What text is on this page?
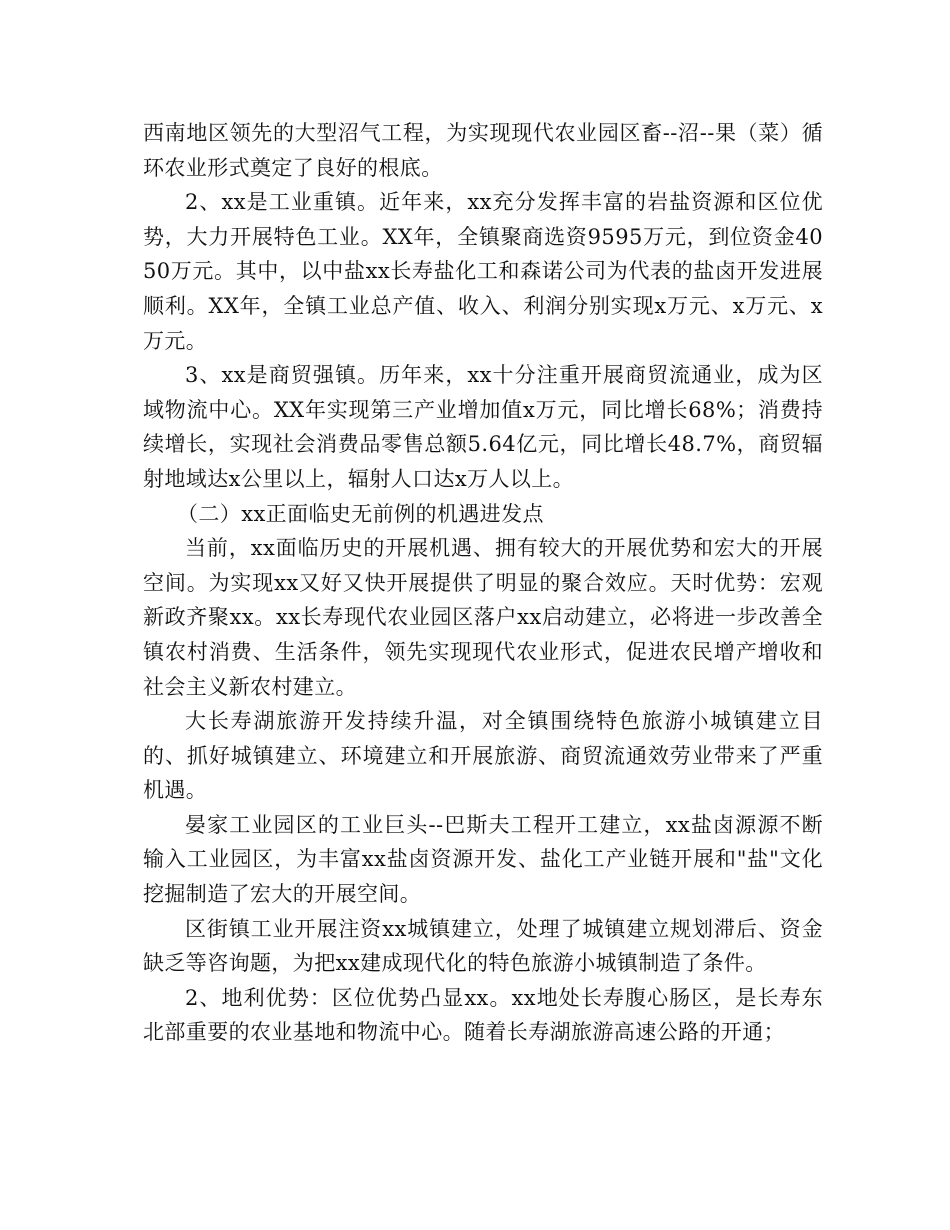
西南地区领先的大型沼气工程，为实现现代农业园区畜--沼--果（菜）循环农业形式奠定了良好的根底。

2、xx是工业重镇。近年来，xx充分发挥丰富的岩盐资源和区位优势，大力开展特色工业。XX年，全镇聚商选资9595万元，到位资金4050万元。其中，以中盐xx长寿盐化工和森诺公司为代表的盐卤开发进展顺利。XX年，全镇工业总产值、收入、利润分别实现x万元、x万元、x万元。

3、xx是商贸强镇。历年来，xx十分注重开展商贸流通业，成为区域物流中心。XX年实现第三产业增加值x万元，同比增长68%；消费持续增长，实现社会消费品零售总额5.64亿元，同比增长48.7%，商贸辐射地域达x公里以上，辐射人口达x万人以上。

（二）xx正面临史无前例的机遇进发点

当前，xx面临历史的开展机遇、拥有较大的开展优势和宏大的开展空间。为实现xx又好又快开展提供了明显的聚合效应。天时优势：宏观新政齐聚xx。xx长寿现代农业园区落户xx启动建立，必将进一步改善全镇农村消费、生活条件，领先实现现代农业形式，促进农民增产增收和社会主义新农村建立。

大长寿湖旅游开发持续升温，对全镇围绕特色旅游小城镇建立目的、抓好城镇建立、环境建立和开展旅游、商贸流通效劳业带来了严重机遇。

晏家工业园区的工业巨头--巴斯夫工程开工建立，xx盐卤源源不断输入工业园区，为丰富xx盐卤资源开发、盐化工产业链开展和"盐"文化挖掘制造了宏大的开展空间。

区街镇工业开展注资xx城镇建立，处理了城镇建立规划滞后、资金缺乏等咨询题，为把xx建成现代化的特色旅游小城镇制造了条件。

2、地利优势：区位优势凸显xx。xx地处长寿腹心肠区，是长寿东北部重要的农业基地和物流中心。随着长寿湖旅游高速公路的开通；
